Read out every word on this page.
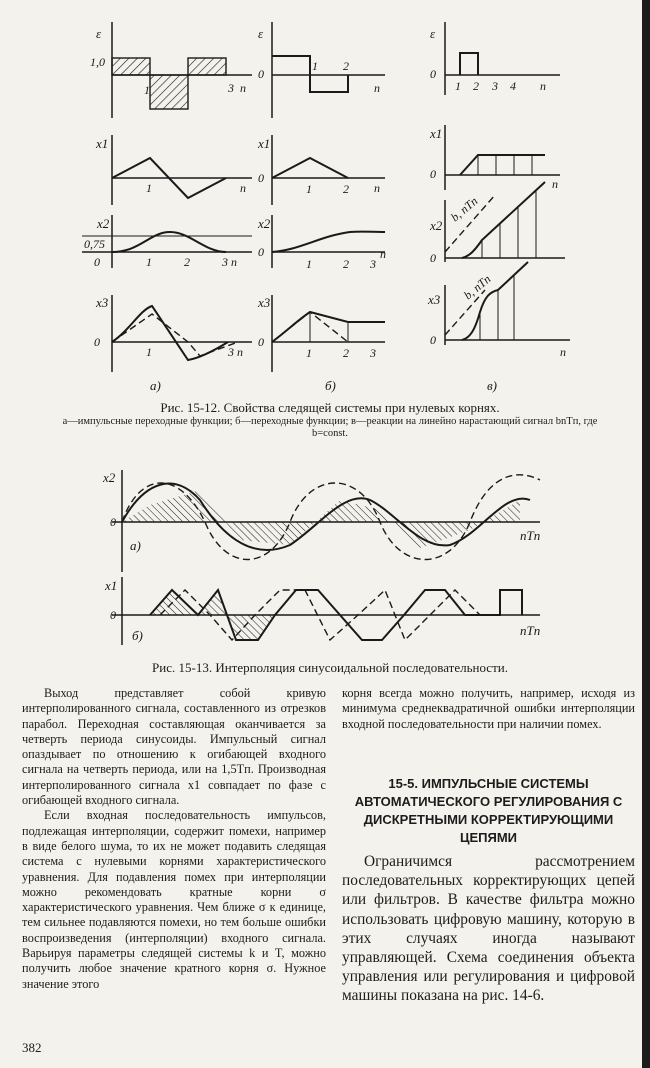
ε
1,0
1	3 n
x1
1	n
x2
0,75
0	1	2	3 n
x3
0
1	3 n
а)
ε
0
1 2
n
x1
0
1	2 n
x2
0
1	2 3
n
x3
0
1	2 3
б)
ε
0
1 2 3 4 n
x1
0
n
x2
0
b, nTп
x3
0
b, nTп
n
в)
Рис. 15-12. Свойства следящей системы при нулевых корнях.
а—импульсные переходные функции; б—переходные функции; в—реакции на линейно нарастающий сигнал bnTп, где b=const.
x2
0
а)
nTп
x1
0
б)	nTп
Рис. 15-13. Интерполяция синусоидальной последовательности.

Выход представляет собой кривую интерполированного сигнала, составленного из отрезков парабол. Переходная составляющая оканчивается за четверть периода синусоиды. Импульсный сигнал опаздывает по отношению к огибающей входного сигнала на четверть периода, или на 1,5Tп. Производная интерполированного сигнала x1 совпадает по фазе с огибающей входного сигнала.

Если входная последовательность импульсов, подлежащая интерполяции, содержит помехи, например в виде белого шума, то их не может подавить следящая система с нулевыми корнями характеристического уравнения. Для подавления помех при интерполяции можно рекомендовать кратные корни σ характеристического уравнения. Чем ближе σ к единице, тем сильнее подавляются помехи, но тем больше ошибки воспроизведения (интерполяции) входного сигнала. Варьируя параметры следящей системы k и T, можно получить любое значение кратного корня σ. Нужное значение этого

корня всегда можно получить, например, исходя из минимума среднеквадратичной ошибки интерполяции входной последовательности при наличии помех.

15-5. ИМПУЛЬСНЫЕ СИСТЕМЫ АВТОМАТИЧЕСКОГО РЕГУЛИРОВАНИЯ С ДИСКРЕТНЫМИ КОРРЕКТИРУЮЩИМИ ЦЕПЯМИ

Ограничимся рассмотрением последовательных корректирующих цепей или фильтров. В качестве фильтра можно использовать цифровую машину, которую в этих случаях иногда называют управляющей. Схема соединения объекта управления или регулирования и цифровой машины показана на рис. 14-6.

382
